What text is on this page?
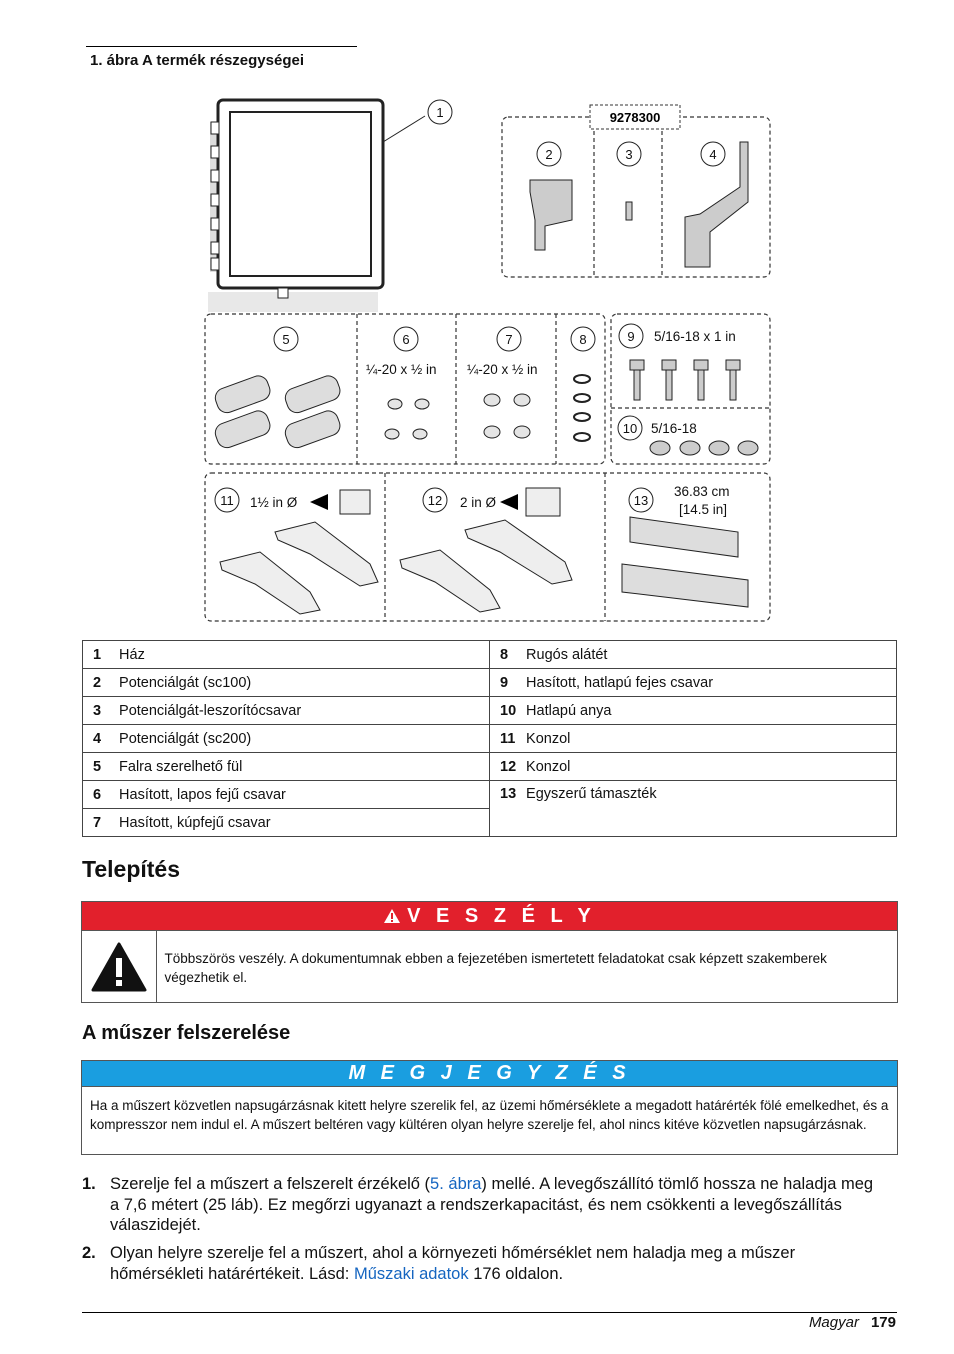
1. ábra A termék részegységei
1
2	3	4
5	6	7	8	9
10
11	12	13
9278300
¼-20 x ½ in ¼-20 x ½ in
5/16-18 x 1 in
5/16-18
1½ in Ø	2 in Ø
36.83 cm
[14.5 in]
1 Ház	8 Rugós alátét
2 Potenciálgát (sc100)	9 Hasított, hatlapú fejes csavar
3 Potenciálgát-leszorítócsavar	10 Hatlapú anya
4 Potenciálgát (sc200)	11 Konzol
5 Falra szerelhető fül	12 Konzol
6 Hasított, lapos fejű csavar	13 Egyszerű támaszték
7 Hasított, kúpfejű csavar	
Telepítés
V E S Z É L Y
Többszörös veszély. A dokumentumnak ebben a fejezetében ismertetett feladatokat csak képzett szakemberek végezhetik el.
A műszer felszerelése
M E G J E G Y Z É S
Ha a műszert közvetlen napsugárzásnak kitett helyre szerelik fel, az üzemi hőmérséklete a megadott határérték fölé emelkedhet, és a kompresszor nem indul el. A műszert beltéren vagy kültéren olyan helyre szerelje fel, ahol nincs kitéve közvetlen napsugárzásnak.
1. Szerelje fel a műszert a felszerelt érzékelő (5. ábra) mellé. A levegőszállító tömlő hossza ne haladja meg a 7,6 métert (25 láb). Ez megőrzi ugyanazt a rendszerkapacitást, és nem csökkenti a levegőszállítás válaszidejét.
2. Olyan helyre szerelje fel a műszert, ahol a környezeti hőmérséklet nem haladja meg a műszer hőmérsékleti határértékeit. Lásd: Műszaki adatok 176 oldalon.
Magyar 179
